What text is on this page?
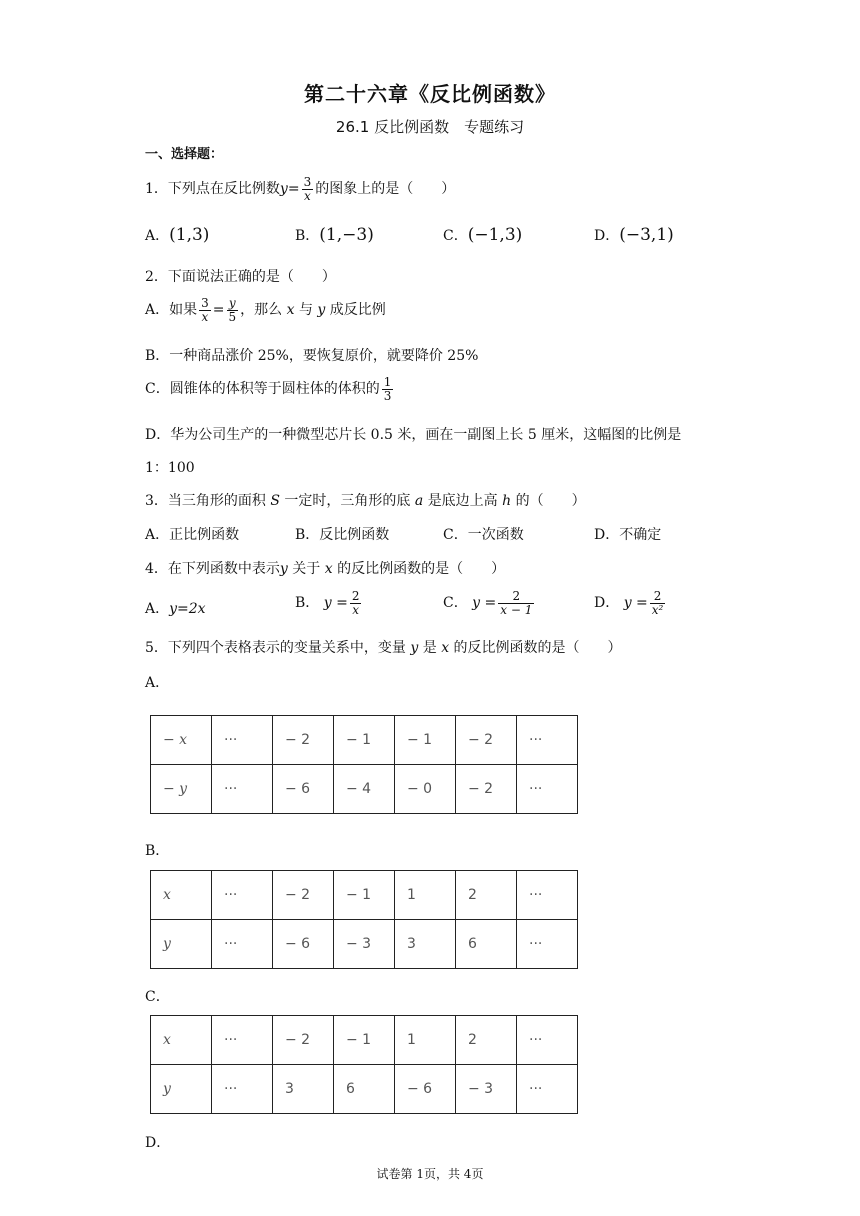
第二十六章《反比例函数》
26.1 反比例函数　专题练习
一、选择题：
1．下列点在反比例数$y= \frac{3}{x}$ 的图象上的是（　　）
A．(1,3)	B．(1,−3)	C．(−1,3)	D．(−3,1)
2．下面说法正确的是（　　）
A．如果 $\frac{3}{x} = \frac{y}{5}$ ，那么 x 与 y 成反比例
B．一种商品涨价 25%，要恢复原价，就要降价 25%
C．圆锥体的体积等于圆柱体的体积的 $\frac{1}{3}$
D．华为公司生产的一种微型芯片长 0.5 米，画在一副图上长 5 厘米，这幅图的比例是
1：100
3．当三角形的面积 S 一定时，三角形的底 a 是底边上高 h 的（　　）
A．正比例函数	B．反比例函数	C．一次函数	D．不确定
4．在下列函数中表示y 关于 x 的反比例函数的是（　　）
A．y=2x	B． $y = \frac{2}{x}$	C． $y = \frac{2}{x - 1}$	D． $y = \frac{2}{\text{x²}}$
5．下列四个表格表示的变量关系中，变量 y 是 x 的反比例函数的是（　　）
A．
− x	···	− 2	− 1	− 1	− 2	···
− y	···	− 6	− 4	− 0	− 2	···
B．
x	···	− 2	− 1	1	2	···
y	···	− 6	− 3	3	6	···
C．
x	···	− 2	− 1	1	2	···
y	···	3	6	− 6	− 3	···
D．
试卷第 1页，共 4页
